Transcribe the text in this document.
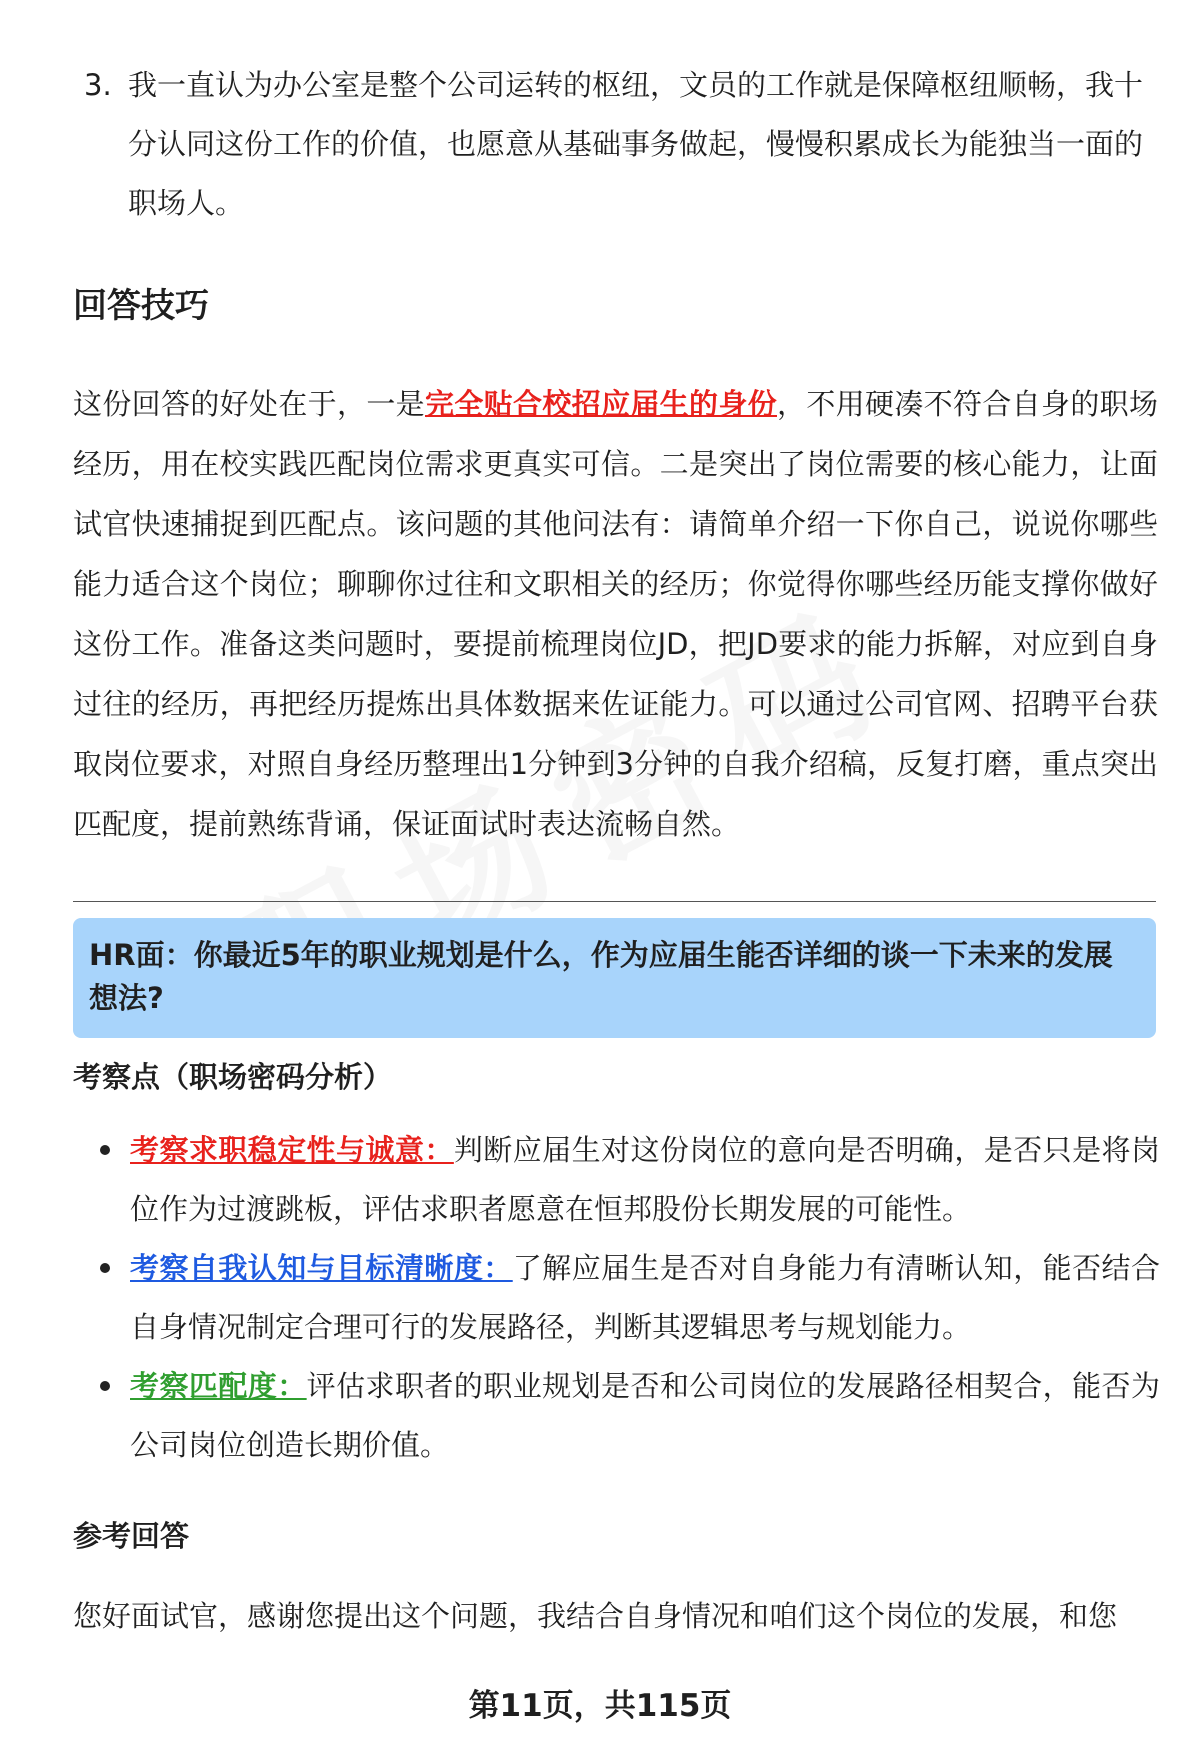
3. 我一直认为办公室是整个公司运转的枢纽，文员的工作就是保障枢纽顺畅，我十分认同这份工作的价值，也愿意从基础事务做起，慢慢积累成长为能独当一面的职场人。
回答技巧
这份回答的好处在于，一是完全贴合校招应届生的身份，不用硬凑不符合自身的职场经历，用在校实践匹配岗位需求更真实可信。二是突出了岗位需要的核心能力，让面试官快速捕捉到匹配点。该问题的其他问法有：请简单介绍一下你自己，说说你哪些能力适合这个岗位；聊聊你过往和文职相关的经历；你觉得你哪些经历能支撑你做好这份工作。准备这类问题时，要提前梳理岗位JD，把JD要求的能力拆解，对应到自身过往的经历，再把经历提炼出具体数据来佐证能力。可以通过公司官网、招聘平台获取岗位要求，对照自身经历整理出1分钟到3分钟的自我介绍稿，反复打磨，重点突出匹配度，提前熟练背诵，保证面试时表达流畅自然。
HR面：你最近5年的职业规划是什么，作为应届生能否详细的谈一下未来的发展想法?
考察点（职场密码分析）
考察求职稳定性与诚意：判断应届生对这份岗位的意向是否明确，是否只是将岗位作为过渡跳板，评估求职者愿意在恒邦股份长期发展的可能性。
考察自我认知与目标清晰度：了解应届生是否对自身能力有清晰认知，能否结合自身情况制定合理可行的发展路径，判断其逻辑思考与规划能力。
考察匹配度：评估求职者的职业规划是否和公司岗位的发展路径相契合，能否为公司岗位创造长期价值。
参考回答
您好面试官，感谢您提出这个问题，我结合自身情况和咱们这个岗位的发展，和您
第11页，共115页
